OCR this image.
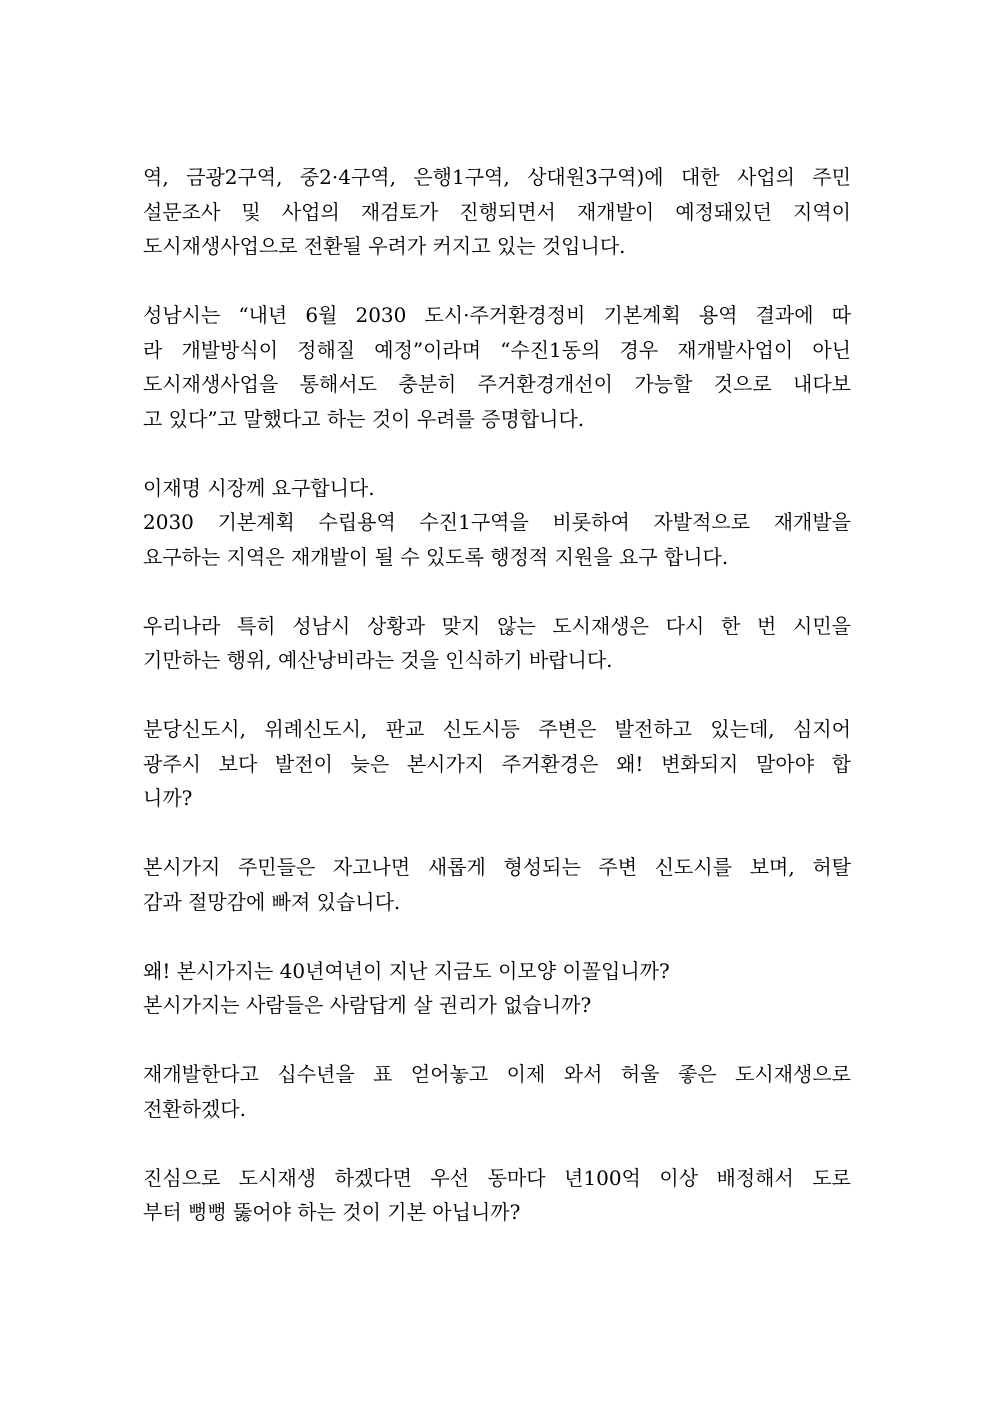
역, 금광2구역, 중2·4구역, 은행1구역, 상대원3구역)에 대한 사업의 주민
설문조사 및 사업의 재검토가 진행되면서 재개발이 예정돼있던 지역이
도시재생사업으로 전환될 우려가 커지고 있는 것입니다.

성남시는 “내년 6월 2030 도시·주거환경정비 기본계획 용역 결과에 따
라 개발방식이 정해질 예정”이라며 “수진1동의 경우 재개발사업이 아닌
도시재생사업을 통해서도 충분히 주거환경개선이 가능할 것으로 내다보
고 있다”고 말했다고 하는 것이 우려를 증명합니다.

이재명 시장께 요구합니다.
2030 기본계획 수립용역 수진1구역을 비롯하여 자발적으로 재개발을
요구하는 지역은 재개발이 될 수 있도록 행정적 지원을 요구 합니다.

우리나라 특히 성남시 상황과 맞지 않는 도시재생은 다시 한 번 시민을
기만하는 행위, 예산낭비라는 것을 인식하기 바랍니다.

분당신도시, 위례신도시, 판교 신도시등 주변은 발전하고 있는데, 심지어
광주시 보다 발전이 늦은 본시가지 주거환경은 왜! 변화되지 말아야 합
니까?

본시가지 주민들은 자고나면 새롭게 형성되는 주변 신도시를 보며, 허탈
감과 절망감에 빠져 있습니다.

왜! 본시가지는 40년여년이 지난 지금도 이모양 이꼴입니까?
본시가지는 사람들은 사람답게 살 권리가 없습니까?

재개발한다고 십수년을 표 얻어놓고 이제 와서 허울 좋은 도시재생으로
전환하겠다.

진심으로 도시재생 하겠다면 우선 동마다 년100억 이상 배정해서 도로
부터 뻥뻥 뚫어야 하는 것이 기본 아닙니까?
